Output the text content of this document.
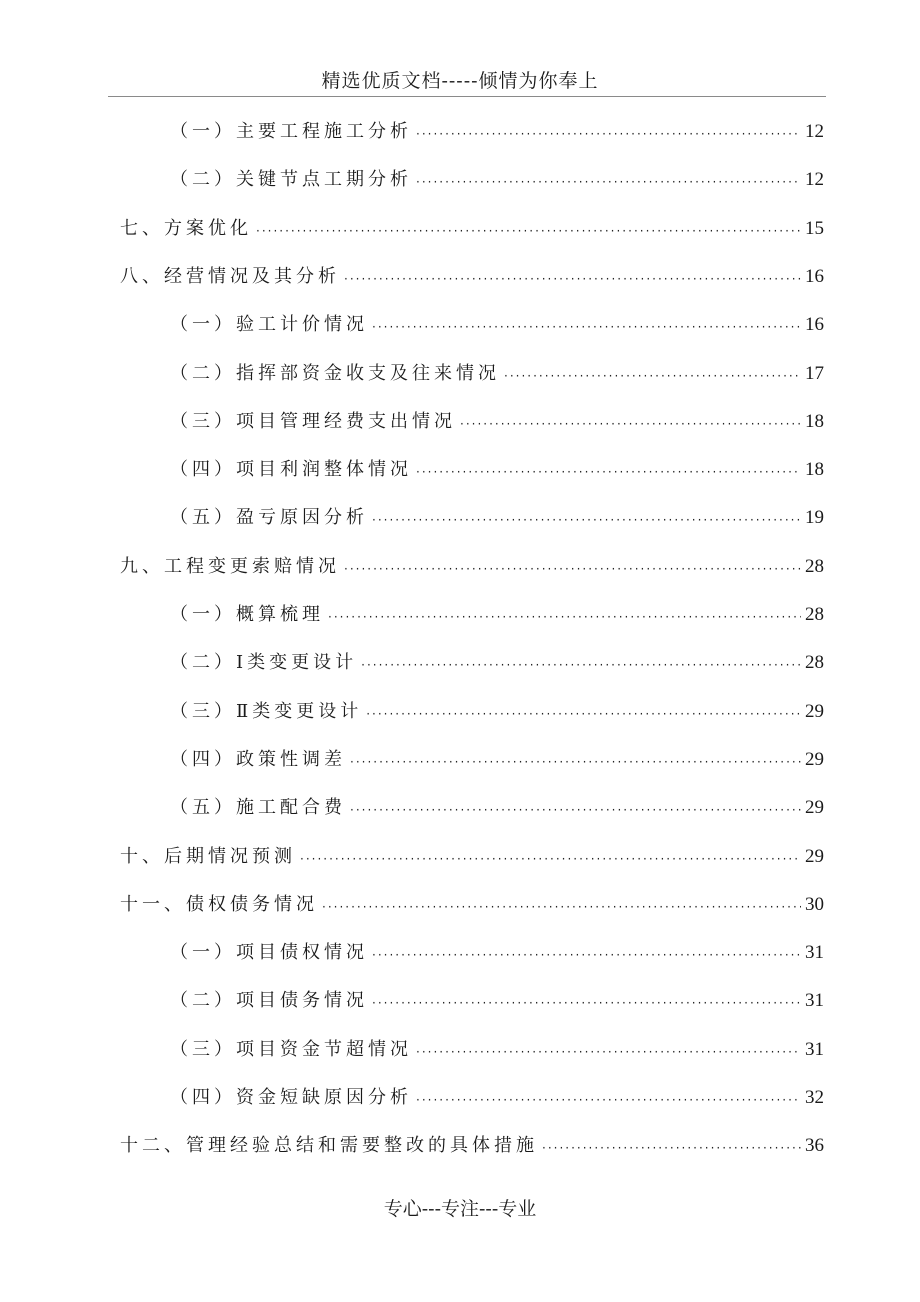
精选优质文档-----倾情为你奉上
（一）主要工程施工分析 ·····	12
（二）关键节点工期分析 ·····	12
七、方案优化 ·····	15
八、经营情况及其分析 ·····	16
（一）验工计价情况 ·····	16
（二）指挥部资金收支及往来情况 ·····	17
（三）项目管理经费支出情况 ·····	18
（四）项目利润整体情况 ·····	18
（五）盈亏原因分析 ·····	19
九、工程变更索赔情况 ·····	28
（一）概算梳理 ·····	28
（二）Ⅰ类变更设计 ·····	28
（三）Ⅱ类变更设计 ·····	29
（四）政策性调差 ·····	29
（五）施工配合费 ·····	29
十、后期情况预测 ·····	29
十一、债权债务情况 ·····	30
（一）项目债权情况 ·····	31
（二）项目债务情况 ·····	31
（三）项目资金节超情况 ·····	31
（四）资金短缺原因分析 ·····	32
十二、管理经验总结和需要整改的具体措施 ·····	36
专心---专注---专业
